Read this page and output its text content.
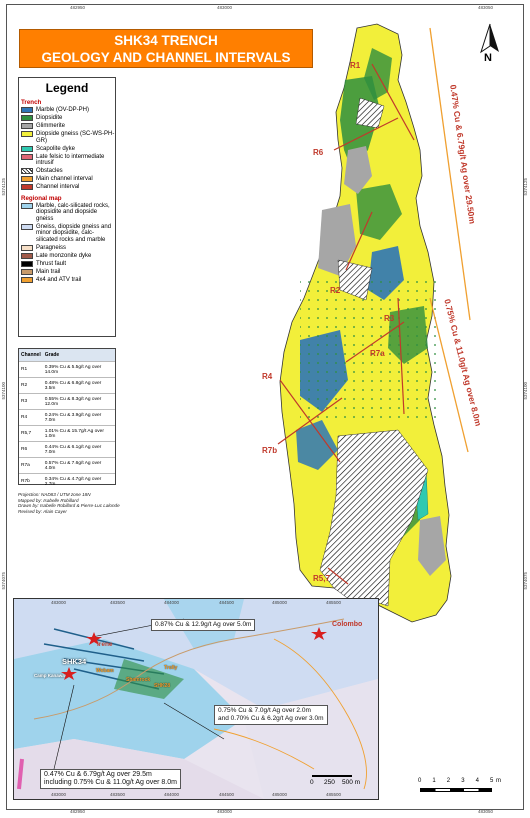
482950	483000	483050
482950	483000	483050
5374125
5374100
5374075
5374125
5374100
5374075
R1
R6
R2
R3
R4
R7a
R7b
R5,7
0.47% Cu & 6.79g/t Ag over 29.50m
0.75% Cu & 11.0g/t Ag over 8.0m
SHK34 TRENCH
GEOLOGY AND CHANNEL INTERVALS	N
Legend
Trench
Marble (OV-DP-PH)
Diopsidite
Glimmerite
Diopside gneiss (SC-WS-PH-GR)
Scapolite dyke
Late felsic to intermediate intrusif
Obstacles
Main channel interval
Channel interval
Regional map
Marble, calc-silicated rocks, diopsidite and diopside gneiss
Gneiss, diopside gneiss and minor diopsidite, calc-silicated rocks and marble
Paragneiss
Late monzonite dyke
Thrust fault
Main trail
4x4 and ATV trail
Channel	Grade
R1	0.39% Cu & 5.5g/t Ag over 14.0m
R2	0.48% Cu & 6.8g/t Ag over 3.5m
R3	0.55% Cu & 8.3g/t Ag over 12.0m
R4	0.24% Cu & 3.9g/t Ag over 7.0m
R5,7	1.01% Cu & 15.7g/t Ag over 1.0m
R6	0.44% Cu & 6.1g/t Ag over 7.0m
R7a	0.57% Cu & 7.6g/t Ag over 4.0m
R7b	0.34% Cu & 4.7g/t Ag over 2.7m
Projection: NAD83 / UTM zone 18N
Mapped by: Isabelle Robillard
Drawn by: Isabelle Robillard & Pierre-Luc Lalonde
Revised by: Alain Cayer
483000	483500	484000	484500	485000	485500
483000	483500	484000	484500	485000	485500
0.87% Cu & 12.9g/t Ag over 5.0m
0.75% Cu & 7.0g/t Ag over 2.0m
and 0.70% Cu & 6.2g/t Ag over 3.0m
0.47% Cu & 6.79g/t Ag over 29.5m
including 0.75% Cu & 11.0g/t Ag over 8.0m
Irene
Colombo
SHK34
Camp Kanawa
Webam	Trolly
Shamrock
SHK28
0 250 500 m	0 1 2 3 4 5 m
